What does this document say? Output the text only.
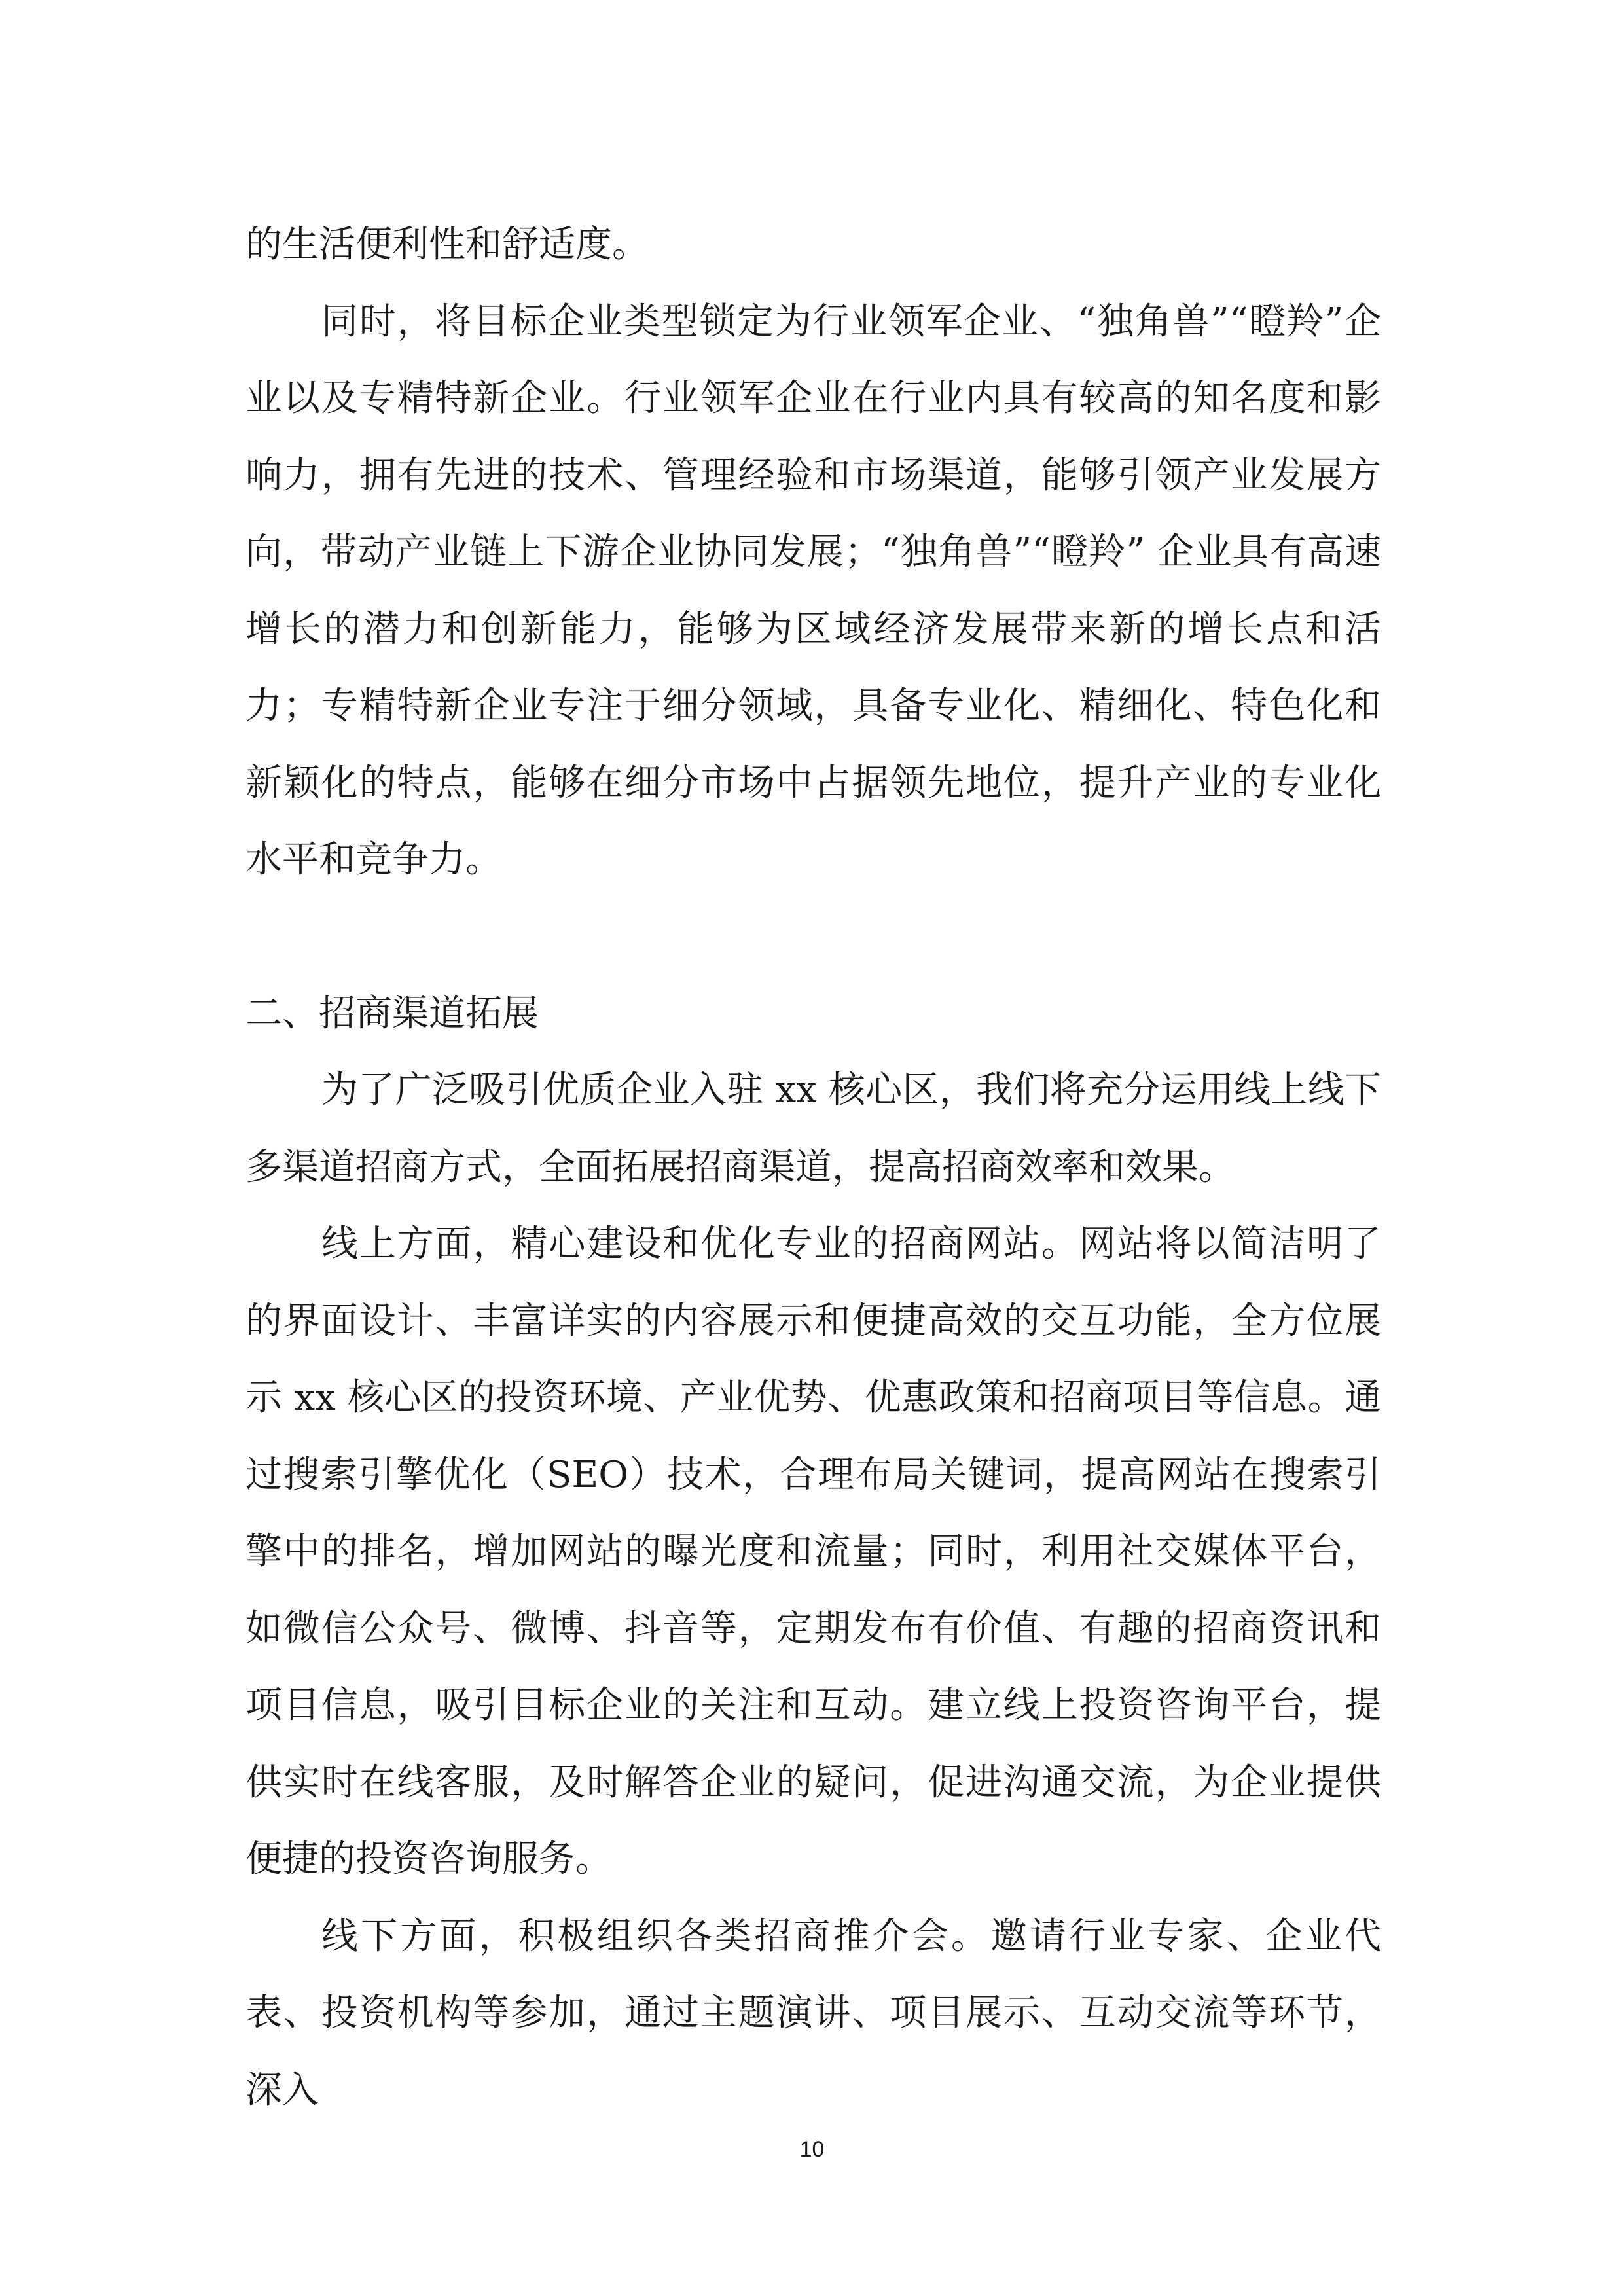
的生活便利性和舒适度。

同时，将目标企业类型锁定为行业领军企业、“独角兽”“瞪羚”企业以及专精特新企业。行业领军企业在行业内具有较高的知名度和影响力，拥有先进的技术、管理经验和市场渠道，能够引领产业发展方向，带动产业链上下游企业协同发展；“独角兽”“瞪羚” 企业具有高速增长的潜力和创新能力，能够为区域经济发展带来新的增长点和活力；专精特新企业专注于细分领域，具备专业化、精细化、特色化和新颖化的特点，能够在细分市场中占据领先地位，提升产业的专业化水平和竞争力。

二、招商渠道拓展

为了广泛吸引优质企业入驻 xx 核心区，我们将充分运用线上线下多渠道招商方式，全面拓展招商渠道，提高招商效率和效果。

线上方面，精心建设和优化专业的招商网站。网站将以简洁明了的界面设计、丰富详实的内容展示和便捷高效的交互功能，全方位展示 xx 核心区的投资环境、产业优势、优惠政策和招商项目等信息。通过搜索引擎优化（SEO）技术，合理布局关键词，提高网站在搜索引擎中的排名，增加网站的曝光度和流量；同时，利用社交媒体平台，如微信公众号、微博、抖音等，定期发布有价值、有趣的招商资讯和项目信息，吸引目标企业的关注和互动。建立线上投资咨询平台，提供实时在线客服，及时解答企业的疑问，促进沟通交流，为企业提供便捷的投资咨询服务。

线下方面，积极组织各类招商推介会。邀请行业专家、企业代表、投资机构等参加，通过主题演讲、项目展示、互动交流等环节，深入

10
